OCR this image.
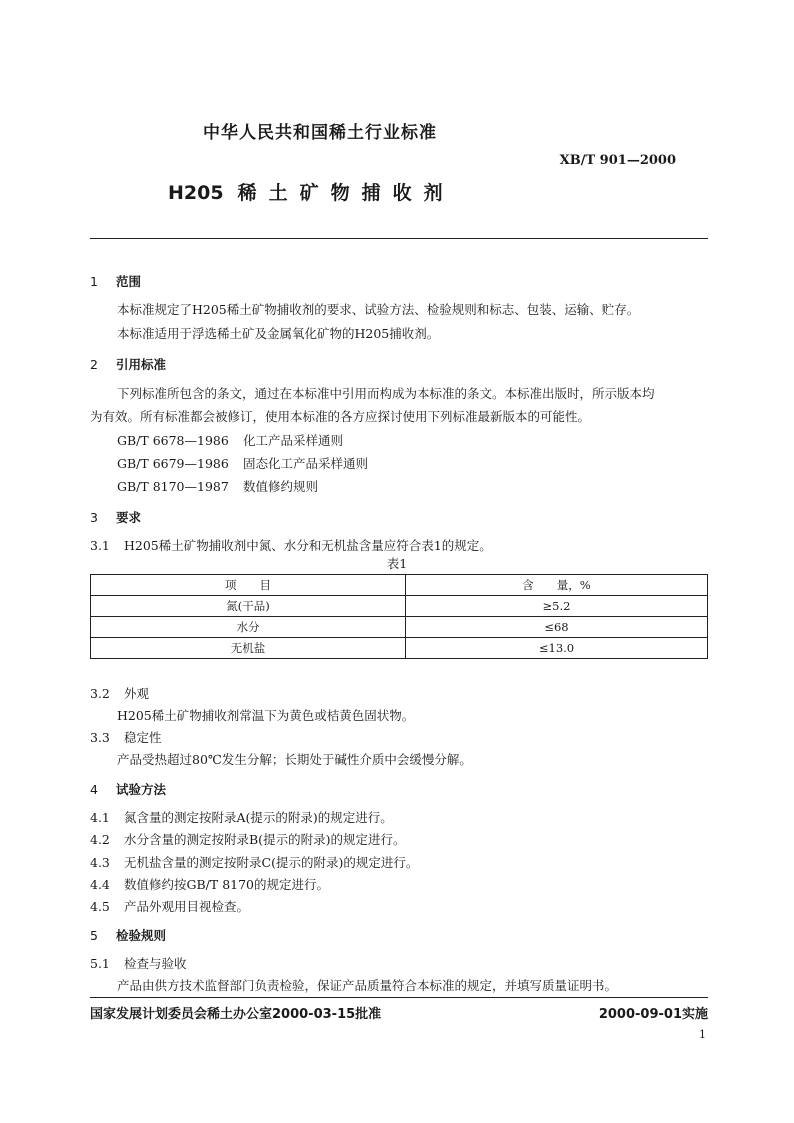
中华人民共和国稀土行业标准
XB/T 901—2000
H205 稀土矿物捕收剂
1 范围
本标准规定了H205稀土矿物捕收剂的要求、试验方法、检验规则和标志、包装、运输、贮存。
本标准适用于浮选稀土矿及金属氧化矿物的H205捕收剂。
2 引用标准
下列标准所包含的条文，通过在本标准中引用而构成为本标准的条文。本标准出版时，所示版本均
为有效。所有标准都会被修订，使用本标准的各方应探讨使用下列标准最新版本的可能性。
GB/T 6678—1986 化工产品采样通则
GB/T 6679—1986 固态化工产品采样通则
GB/T 8170—1987 数值修约规则
3 要求
3.1 H205稀土矿物捕收剂中氮、水分和无机盐含量应符合表1的规定。
表1
项　　目	含　　量，%
氮(干品)	≥5.2
水分	≤68
无机盐	≤13.0
3.2 外观
H205稀土矿物捕收剂常温下为黄色或桔黄色固状物。
3.3 稳定性
产品受热超过80℃发生分解；长期处于碱性介质中会缓慢分解。
4 试验方法
4.1 氮含量的测定按附录A(提示的附录)的规定进行。
4.2 水分含量的测定按附录B(提示的附录)的规定进行。
4.3 无机盐含量的测定按附录C(提示的附录)的规定进行。
4.4 数值修约按GB/T 8170的规定进行。
4.5 产品外观用目视检查。
5 检验规则
5.1 检查与验收
产品由供方技术监督部门负责检验，保证产品质量符合本标准的规定，并填写质量证明书。
国家发展计划委员会稀土办公室2000-03-15批准	2000-09-01实施
1
